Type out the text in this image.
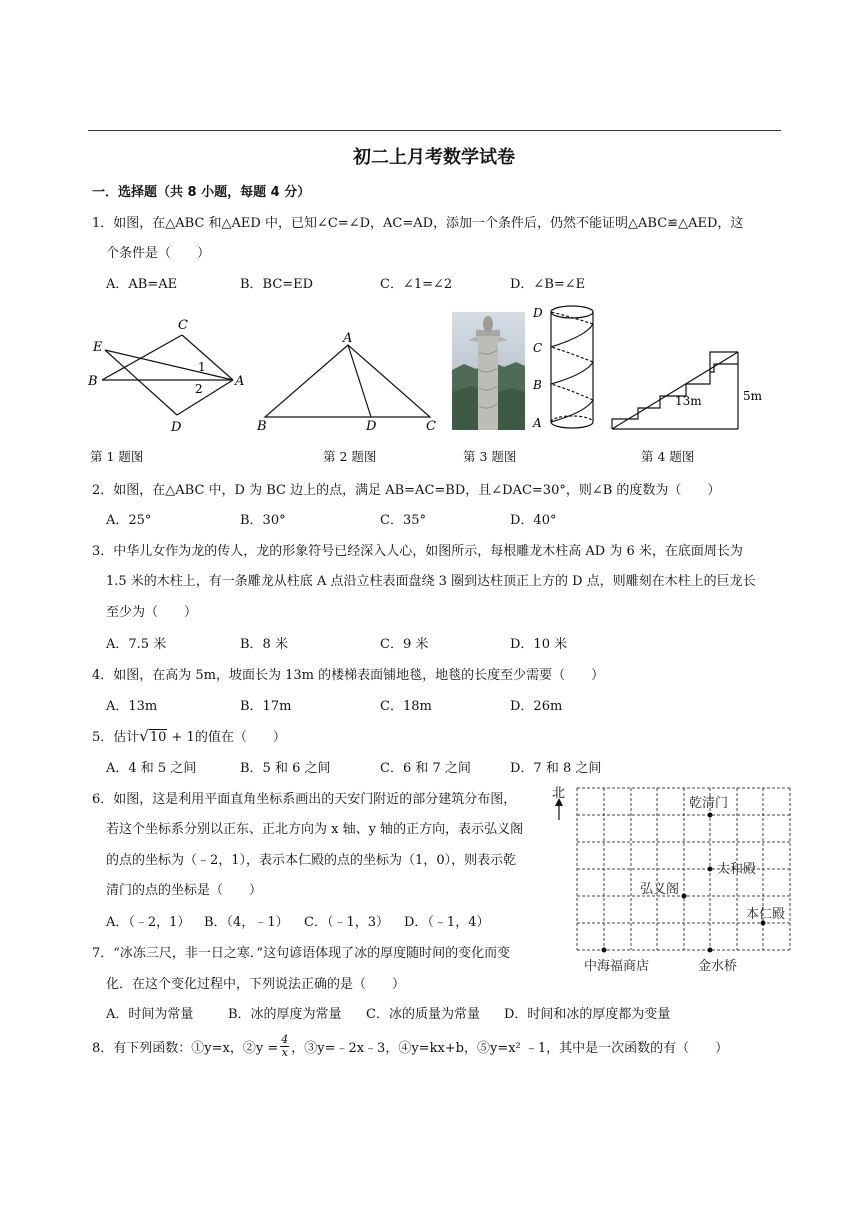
初二上月考数学试卷
一．选择题（共 8 小题，每题 4 分）
1．如图，在△ABC 和△AED 中，已知∠C=∠D，AC=AD，添加一个条件后，仍然不能证明△ABC≌△AED，这
个条件是（　　）
A．AB=AE	B．BC=ED	C．∠1=∠2	D．∠B=∠E
C
E
B	A
D
1
2
第 1 题图
A
B	D	C
第 2 题图
D
C
B
A
第 3 题图
13m	5m
第 4 题图
2．如图，在△ABC 中，D 为 BC 边上的点，满足 AB=AC=BD，且∠DAC=30°，则∠B 的度数为（　　）
A．25°	B．30°	C．35°	D．40°
3．中华儿女作为龙的传人，龙的形象符号已经深入人心，如图所示，每根雕龙木柱高 AD 为 6 米，在底面周长为
1.5 米的木柱上，有一条雕龙从柱底 A 点沿立柱表面盘绕 3 圈到达柱顶正上方的 D 点，则雕刻在木柱上的巨龙长
至少为（　　）
A．7.5 米	B．8 米	C．9 米	D．10 米
4．如图，在高为 5m，坡面长为 13m 的楼梯表面铺地毯，地毯的长度至少需要（　　）
A．13m	B．17m	C．18m	D．26m
5．估计√10 + 1的值在（　　）
A．4 和 5 之间	B．5 和 6 之间	C．6 和 7 之间	D．7 和 8 之间
6．如图，这是利用平面直角坐标系画出的天安门附近的部分建筑分布图，
若这个坐标系分别以正东、正北方向为 x 轴、y 轴的正方向，表示弘义阁
的点的坐标为（﹣2，1），表示本仁殿的点的坐标为（1，0），则表示乾
清门的点的坐标是（　　）
A．（﹣2，1） B．（4，﹣1） C．（﹣1，3） D．（﹣1，4）
北
乾清门
太和殿
弘义阁
本仁殿
中海福商店	金水桥
7．“冰冻三尺，非一日之寒．”这句谚语体现了冰的厚度随时间的变化而变
化．在这个变化过程中，下列说法正确的是（　　）
A．时间为常量	B．冰的厚度为常量 C．冰的质量为常量 D．时间和冰的厚度都为变量
8．有下列函数：①y=x，②y = $\frac{4}{x}$ ，③y=﹣2x﹣3，④y=kx+b，⑤y=x² ﹣1，其中是一次函数的有（　　）
